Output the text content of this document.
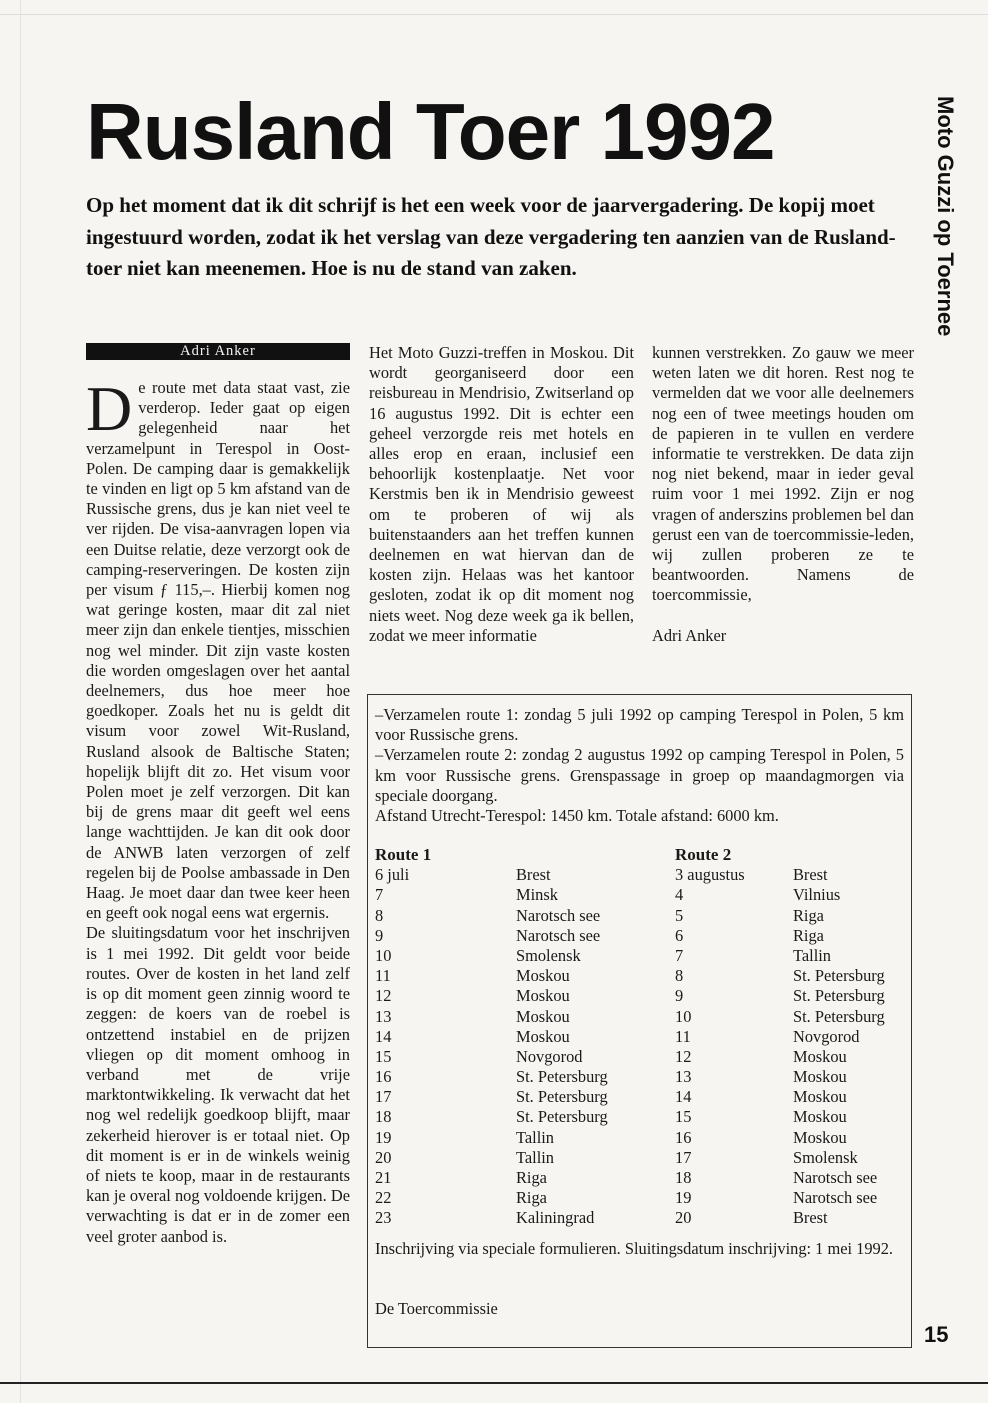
Rusland Toer 1992	Moto Guzzi op Toernee

Op het moment dat ik dit schrijf is het een week voor de jaarvergadering. De kopij moet ingestuurd worden, zodat ik het verslag van deze vergadering ten aanzien van de Rusland-toer niet kan meenemen. Hoe is nu de stand van zaken.

Adri Anker

De route met data staat vast, zie verderop. Ieder gaat op eigen gelegenheid naar het verzamelpunt in Terespol in Oost-Polen. De camping daar is gemakkelijk te vinden en ligt op 5 km afstand van de Russische grens, dus je kan niet veel te ver rijden. De visa-aanvragen lopen via een Duitse relatie, deze verzorgt ook de camping-reserveringen. De kosten zijn per visum ƒ 115,–. Hierbij komen nog wat geringe kosten, maar dit zal niet meer zijn dan enkele tientjes, misschien nog wel minder. Dit zijn vaste kosten die worden omgeslagen over het aantal deelnemers, dus hoe meer hoe goedkoper. Zoals het nu is geldt dit visum voor zowel Wit-Rusland, Rusland alsook de Baltische Staten; hopelijk blijft dit zo. Het visum voor Polen moet je zelf verzorgen. Dit kan bij de grens maar dit geeft wel eens lange wachttijden. Je kan dit ook door de ANWB laten verzorgen of zelf regelen bij de Poolse ambassade in Den Haag. Je moet daar dan twee keer heen en geeft ook nogal eens wat ergernis.

De sluitingsdatum voor het inschrijven is 1 mei 1992. Dit geldt voor beide routes. Over de kosten in het land zelf is op dit moment geen zinnig woord te zeggen: de koers van de roebel is ontzettend instabiel en de prijzen vliegen op dit moment omhoog in verband met de vrije marktontwikkeling. Ik verwacht dat het nog wel redelijk goedkoop blijft, maar zekerheid hierover is er totaal niet. Op dit moment is er in de winkels weinig of niets te koop, maar in de restaurants kan je overal nog voldoende krijgen. De verwachting is dat er in de zomer een veel groter aanbod is.

Het Moto Guzzi-treffen in Moskou. Dit wordt georganiseerd door een reisbureau in Mendrisio, Zwitserland op 16 augustus 1992. Dit is echter een geheel verzorgde reis met hotels en alles erop en eraan, inclusief een behoorlijk kostenplaatje. Net voor Kerstmis ben ik in Mendrisio geweest om te proberen of wij als buitenstaanders aan het treffen kunnen deelnemen en wat hiervan dan de kosten zijn. Helaas was het kantoor gesloten, zodat ik op dit moment nog niets weet. Nog deze week ga ik bellen, zodat we meer informatie

kunnen verstrekken. Zo gauw we meer weten laten we dit horen. Rest nog te vermelden dat we voor alle deelnemers nog een of twee meetings houden om de papieren in te vullen en verdere informatie te verstrekken. De data zijn nog niet bekend, maar in ieder geval ruim voor 1 mei 1992. Zijn er nog vragen of anderszins problemen bel dan gerust een van de toercommissie-leden, wij zullen proberen ze te beantwoorden. Namens de toercommissie,

Adri Anker

–Verzamelen route 1: zondag 5 juli 1992 op camping Terespol in Polen, 5 km voor Russische grens.

–Verzamelen route 2: zondag 2 augustus 1992 op camping Terespol in Polen, 5 km voor Russische grens. Grenspassage in groep op maandagmorgen via speciale doorgang.

Afstand Utrecht-Terespol: 1450 km. Totale afstand: 6000 km.

Route 1
6 juli	Brest
7	Minsk
8	Narotsch see
9	Narotsch see
10	Smolensk
11	Moskou
12	Moskou
13	Moskou
14	Moskou
15	Novgorod
16	St. Petersburg
17	St. Petersburg
18	St. Petersburg
19	Tallin
20	Tallin
21	Riga
22	Riga
23	Kaliningrad
Route 2
3 augustus	Brest
4	Vilnius
5	Riga
6	Riga
7	Tallin
8	St. Petersburg
9	St. Petersburg
10	St. Petersburg
11	Novgorod
12	Moskou
13	Moskou
14	Moskou
15	Moskou
16	Moskou
17	Smolensk
18	Narotsch see
19	Narotsch see
20	Brest

Inschrijving via speciale formulieren. Sluitingsdatum inschrijving: 1 mei 1992.

De Toercommissie

15
